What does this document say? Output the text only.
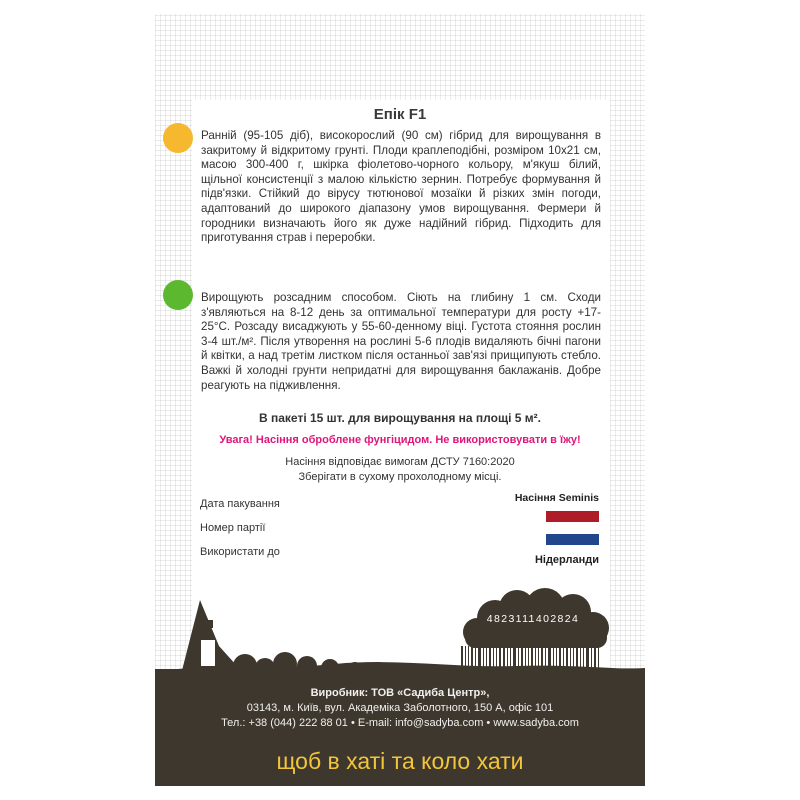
Епік F1

Ранній (95-105 діб), високорослий (90 см) гібрид для вирощування в закритому й відкритому грунті. Плоди краплеподібні, розміром 10х21 см, масою 300-400 г, шкірка фіолетово-чорного кольору, м'якуш білий, щільної консистенції з малою кількістю зернин. Потребує формування й підв'язки. Стійкий до вірусу тютюнової мозаїки й різких змін погоди, адаптований до широкого діапазону умов вирощування. Фермери й городники визначають його як дуже надійний гібрид. Підходить для приготування страв і переробки.

Вирощують розсадним способом. Сіють на глибину 1 см. Сходи з'являються на 8-12 день за оптимальної температури для росту +17-25°С. Розсаду висаджують у 55-60-денному віці. Густота стояння рослин 3-4 шт./м². Після утворення на рослині 5-6 плодів видаляють бічні пагони й квітки, а над третім листком після останньої зав'язі прищипують стебло. Важкі й холодні грунти непридатні для вирощування баклажанів. Добре реагують на підживлення.

В пакеті 15 шт. для вирощування на площі 5 м².
Увага! Насіння оброблене фунгіцидом. Не використовувати в їжу!
Насіння відповідає вимогам ДСТУ 7160:2020
Зберігати в сухому прохолодному місці.
Дата пакування
Номер партії
Використати до
Насіння Seminis
Нідерланди
4823111402824
Виробник: ТОВ «Садиба Центр»,
03143, м. Київ, вул. Академіка Заболотного, 150 А, офіс 101
Тел.: +38 (044) 222 88 01 • E-mail: info@sadyba.com • www.sadyba.com
щоб в хаті та коло хати
